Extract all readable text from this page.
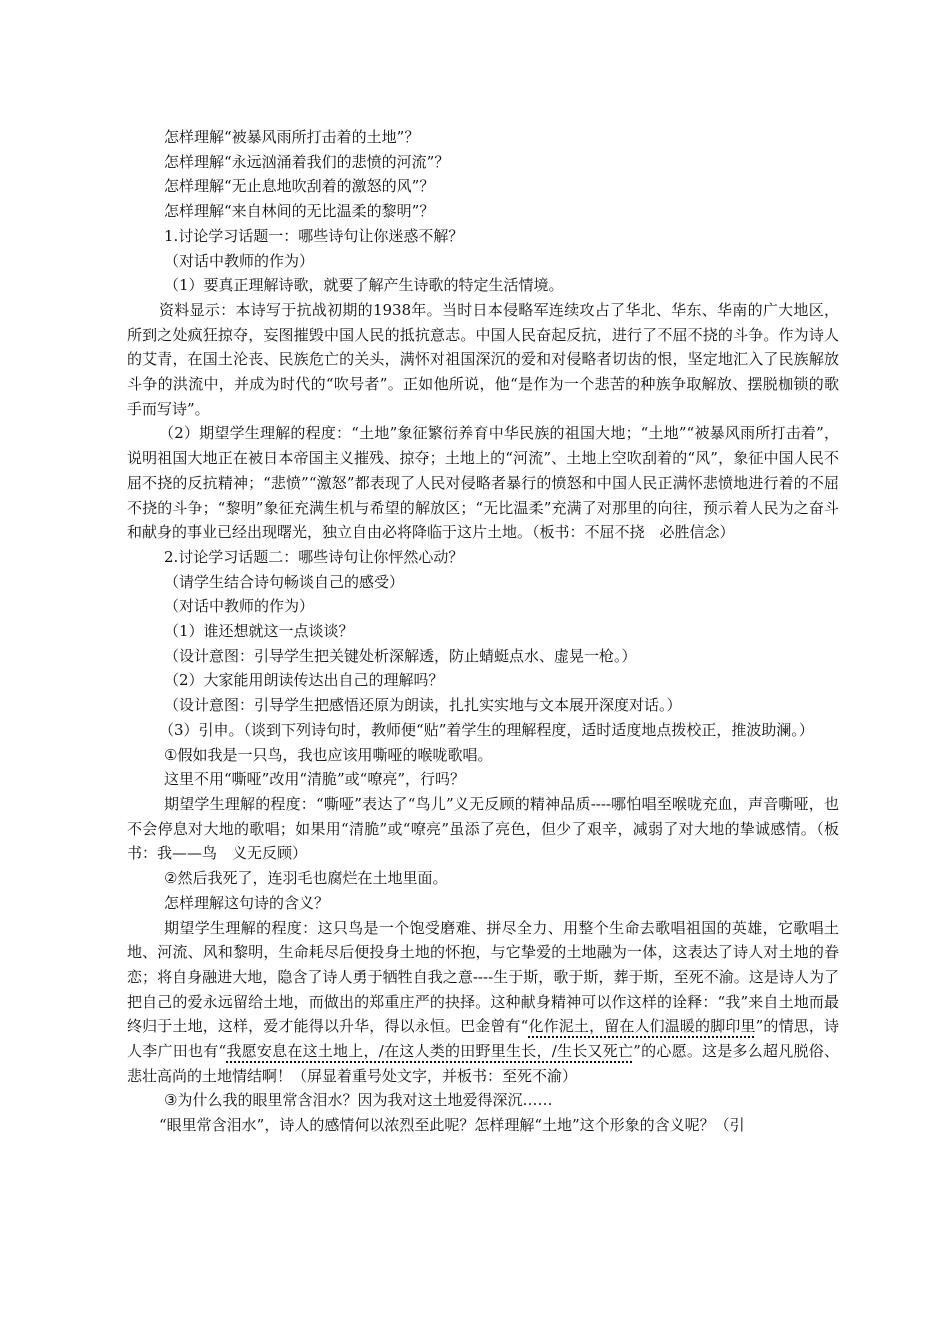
怎样理解“被暴风雨所打击着的土地”？

怎样理解“永远汹涌着我们的悲愤的河流”？

怎样理解“无止息地吹刮着的激怒的风”？

怎样理解“来自林间的无比温柔的黎明”？

1.讨论学习话题一：哪些诗句让你迷惑不解？

（对话中教师的作为）

（1）要真正理解诗歌，就要了解产生诗歌的特定生活情境。

资料显示：本诗写于抗战初期的1938年。当时日本侵略军连续攻占了华北、华东、华南的广大地区，所到之处疯狂掠夺，妄图摧毁中国人民的抵抗意志。中国人民奋起反抗，进行了不屈不挠的斗争。作为诗人的艾青，在国土沦丧、民族危亡的关头，满怀对祖国深沉的爱和对侵略者切齿的恨，坚定地汇入了民族解放斗争的洪流中，并成为时代的“吹号者”。正如他所说，他“是作为一个悲苦的种族争取解放、摆脱枷锁的歌手而写诗”。

（2）期望学生理解的程度：“土地”象征繁衍养育中华民族的祖国大地；“土地”“被暴风雨所打击着”，说明祖国大地正在被日本帝国主义摧残、掠夺；土地上的“河流”、土地上空吹刮着的“风”，象征中国人民不屈不挠的反抗精神；“悲愤”“激怒”都表现了人民对侵略者暴行的愤怒和中国人民正满怀悲愤地进行着的不屈不挠的斗争；“黎明”象征充满生机与希望的解放区；“无比温柔”充满了对那里的向往，预示着人民为之奋斗和献身的事业已经出现曙光，独立自由必将降临于这片土地。（板书：不屈不挠　必胜信念）

2.讨论学习话题二：哪些诗句让你怦然心动？

（请学生结合诗句畅谈自己的感受）

（对话中教师的作为）

（1）谁还想就这一点谈谈？

（设计意图：引导学生把关键处析深解透，防止蜻蜓点水、虚晃一枪。）

（2）大家能用朗读传达出自己的理解吗？

（设计意图：引导学生把感悟还原为朗读，扎扎实实地与文本展开深度对话。）

（3）引申。（谈到下列诗句时，教师便“贴”着学生的理解程度，适时适度地点拨校正，推波助澜。）

①假如我是一只鸟，我也应该用嘶哑的喉咙歌唱。

这里不用“嘶哑”改用“清脆”或“嘹亮”，行吗？

期望学生理解的程度：“嘶哑”表达了“鸟儿”义无反顾的精神品质----哪怕唱至喉咙充血，声音嘶哑，也不会停息对大地的歌唱；如果用“清脆”或“嘹亮”虽添了亮色，但少了艰辛，减弱了对大地的挚诚感情。（板书：我——鸟　义无反顾）

②然后我死了，连羽毛也腐烂在土地里面。

怎样理解这句诗的含义？

期望学生理解的程度：这只鸟是一个饱受磨难、拼尽全力、用整个生命去歌唱祖国的英雄，它歌唱土地、河流、风和黎明，生命耗尽后便投身土地的怀抱，与它挚爱的土地融为一体，这表达了诗人对土地的眷恋；将自身融进大地，隐含了诗人勇于牺牲自我之意----生于斯，歌于斯，葬于斯，至死不渝。这是诗人为了把自己的爱永远留给土地，而做出的郑重庄严的抉择。这种献身精神可以作这样的诠释：“我”来自土地而最终归于土地，这样，爱才能得以升华，得以永恒。巴金曾有“化作泥土，留在人们温暖的脚印里”的情思，诗人李广田也有“我愿安息在这土地上，/在这人类的田野里生长，/生长又死亡”的心愿。这是多么超凡脱俗、悲壮高尚的土地情结啊！（屏显着重号处文字，并板书：至死不渝）

③为什么我的眼里常含泪水？因为我对这土地爱得深沉……

“眼里常含泪水”，诗人的感情何以浓烈至此呢？怎样理解“土地”这个形象的含义呢？（引
